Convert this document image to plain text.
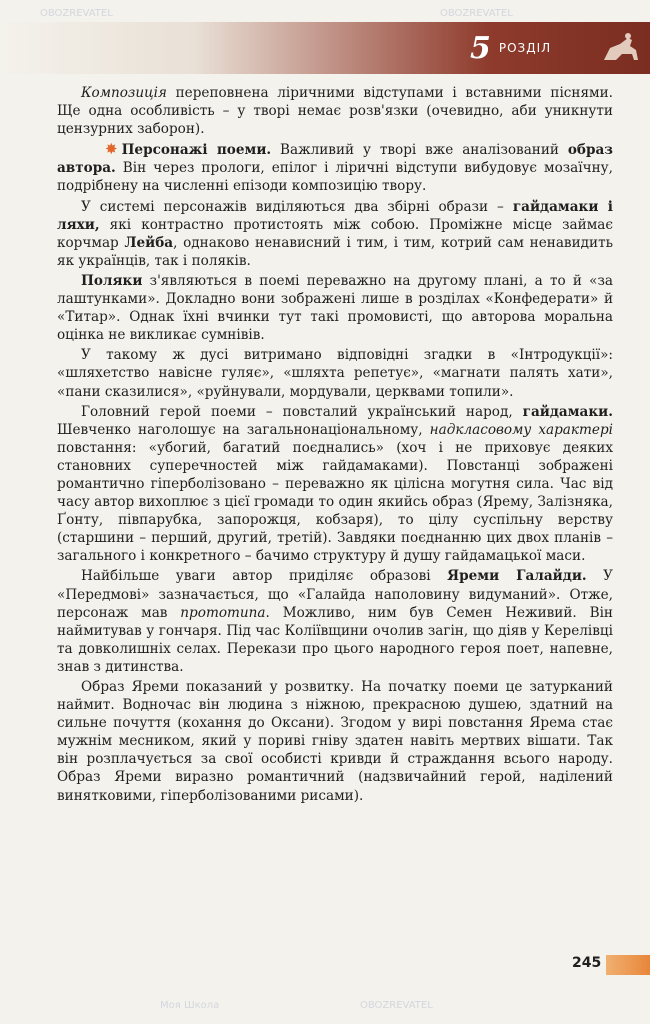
5 РОЗДІЛ

Композиція переповнена ліричними відступами і вставними піснями. Ще одна особливість – у творі немає розв'язки (очевидно, аби уникнути цензурних заборон).

✸ Персонажі поеми. Важливий у творі вже аналізований образ автора. Він через прологи, епілог і ліричні відступи вибудовує мозаїчну, подрібнену на численні епізоди композицію твору.

У системі персонажів виділяються два збірні образи – гайдамаки і ляхи, які контрастно протистоять між собою. Проміжне місце займає корчмар Лейба, однаково ненависний і тим, і тим, котрий сам ненавидить як українців, так і поляків.

Поляки з'являються в поемі переважно на другому плані, а то й «за лаштунками». Докладно вони зображені лише в розділах «Конфедерати» й «Титар». Однак їхні вчинки тут такі промовисті, що авторова моральна оцінка не викликає сумнівів.

У такому ж дусі витримано відповідні згадки в «Інтродукції»: «шляхетство навісне гуляє», «шляхта репетує», «магнати палять хати», «пани сказилися», «руйнували, мордували, церквами топили».

Головний герой поеми – повсталий український народ, гайдамаки. Шевченко наголошує на загальнонаціональному, надкласовому характері повстання: «убогий, багатий поєднались» (хоч і не приховує деяких становних суперечностей між гайдамаками). Повстанці зображені романтично гіперболізовано – переважно як цілісна могутня сила. Час від часу автор вихоплює з цієї громади то один якийсь образ (Ярему, Залізняка, Ґонту, півпарубка, запорожця, кобзаря), то цілу суспільну верству (старшини – перший, другий, третій). Завдяки поєднанню цих двох планів – загального і конкретного – бачимо структуру й душу гайдамацької маси.

Найбільше уваги автор приділяє образові Яреми Галайди. У «Передмові» зазначається, що «Галайда наполовину видуманий». Отже, персонаж мав прототипа. Можливо, ним був Семен Неживий. Він наймитував у гончаря. Під час Коліївщини очолив загін, що діяв у Керелівці та довколишніх селах. Перекази про цього народного героя поет, напевне, знав з дитинства.

Образ Яреми показаний у розвитку. На початку поеми це затурканий наймит. Водночас він людина з ніжною, прекрасною душею, здатний на сильне почуття (кохання до Оксани). Згодом у вирі повстання Ярема стає мужнім месником, який у пориві гніву здатен навіть мертвих вішати. Так він розплачується за свої особисті кривди й страждання всього народу. Образ Яреми виразно романтичний (надзвичайний герой, наділений винятковими, гіперболізованими рисами).

245
OBOZREVATEL	OBOZREVATEL
Моя Школа	OBOZREVATEL
